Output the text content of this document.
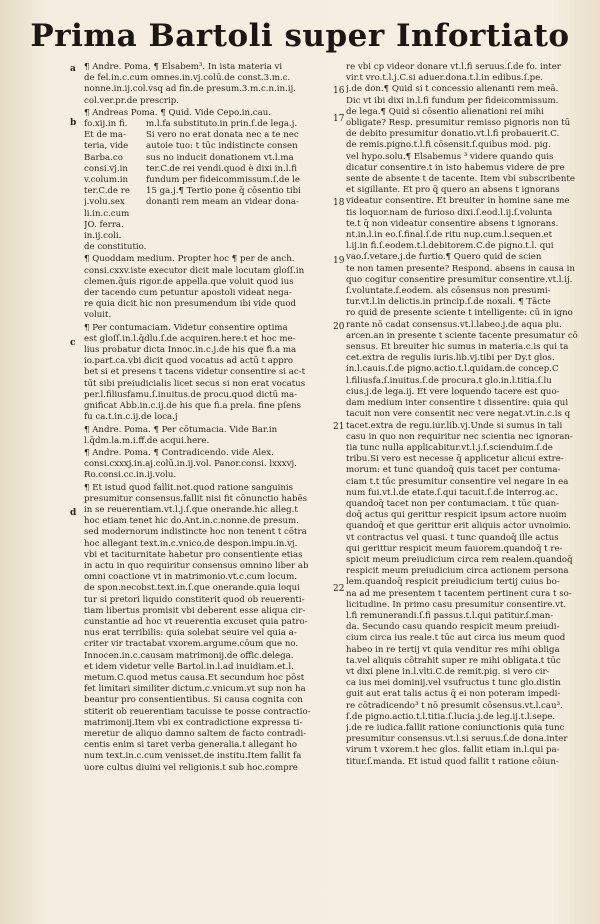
Prima Bartoli super Infortiato
a
b
c
d
16
17
18
19
20
21
22
¶ Andre. Poma. ¶ Elsabem³. In ista materia vi
de fel.in.c.cum omnes.in.vj.colū.de const.3.m.c.
nonne.in.ij.col.vsq ad fin.de presum.3.m.c.n.in.ij.
col.ver.pr.de prescrip.
¶ Andreas Poma. ¶ Quid. Vide Cepo.in.cau.
fo.xij.in fi.
Et de ma-
teria, vide
Barba.co
consi.vj.in
v.colum.in
ter.C.de re
j.volu.sex
li.in.c.cum
JO. ferra.
in.ij.coli.
m.l.fa substituto.in prin.ſ.de lega.j.
Si vero no erat donata nec a te nec
autoie tuo: t tūc indistincte consen
sus no inducit donationem vt.l.ma
ter.C.de rei vendi.quod è dixi in.l.fi
fundum per fideicommissum.ſ.de le
15 ga.j.¶ Tertio pone q̄ cōsentio tibi
donanti rem meam an videar dona-
de constitutio.
¶ Quoddam medium. Propter hoc ¶ per de anch.
consi.cxxv.iste executor dicit male locutam gloſſ.in
clemen.q̄uis rigor.de appella.que voluit quod ius
der tacendo cum petuntur apostoli videat nega-
re quia dicit hic non presumendum ibi vide quod
voluit.
¶ Per contumaciam. Videtur consentire optima
est gloſſ.in.l.q̄dlu.ſ.de acquiren.here.t et hoc me-
lius probatur dicta Innoc.in.c.j.de his que fi.a ma
io.part.ca.vbi dicit quod vocatus ad actū t appro
bet si et presens t tacens videtur consentire si ac-t
tūt sibi preiudicialis licet secus si non erat vocatus
per.l.filiusfamu.ſ.inuitus.de procu.quod dictū ma-
gnificat Abb.in.c.ij.de his que fi.a prela. fine pſens
fu ca.t.in.c.ij.de loca.j
¶ Andre. Poma. ¶ Per cōtumacia. Vide Bar.in
l.q̄dm.la.m.i.ff.de acqui.here.
¶ Andre. Poma. ¶ Contradicendo. vide Alex.
consi.cxxxj.in.aj.colū.in.ij.vol. Panor.consi. lxxxvj.
Ro.consi.cc.in.ij.volu.
¶ Et istud quod fallit.not.quod ratione sanguinis
presumitur consensus.fallit nisi fit cōnunctio habēs
in se reuerentiam.vt.l.j.ſ.que onerande.hic alleg.t
hoc etiam tenet hic do.Ant.in.c.nonne.de presum.
sed modernorum indistincte hoc non tenent t cōtra
hoc allegant text.in.c.vnico.de despon.impu.in.vj.
vbi et taciturnitate habetur pro consentiente etias
in actu in quo requiritur consensus omnino liber ab
omni coactione vt in matrimonio.vt.c.cum locum.
de spon.necobst.text.in.ſ.que onerande.quia loqui
tur si pretori liquido constiterit quod ob reuerenti-
tiam libertus promisit vbi deberent esse aliqua cir-
cunstantie ad hoc vt reuerentia excuset quia patro-
nus erat terribilis: quia solebat seuire vel quia a-
criter vir tractabat vxorem.argume.cōum que no.
Innocen.in.c.causam matrimonij.de offic.delega.
et idem videtur velle Bartol.in.l.ad inuidiam.et.l.
metum.C.quod metus causa.Et secundum hoc pōst
fet limitari similiter dictum.c.vnicum.vt sup non ha
beantur pro consentientibus. Si causa cognita con
stiterit ob reuerentiam tacuisse te posse contractio-
matrimonij.Item vbi ex contradictione expressa ti-
meretur de aliquo damno saltem de facto contradi-
centis enim si taret verba generalia.t allegant ho
num text.in.c.cum venisset.de institu.Item fallit fa
uore cultus diuini vel religionis.t sub hoc.compre
re vbi cp videor donare vt.l.fi seruus.ſ.de fo. inter
vir.t vro.t.l.j.C.si aduer.dona.t.l.in edibus.ſ.pe.
j.de don.¶ Quid si t concessio alienanti rem meā.
Dic vt ibi dixi in.l.fi fundum per fideicommissum.
de lega.¶ Quid si cōsentio alienationi rei mihi
obligate? Resp. presumitur remisso pignoris non tū
de debito presumitur donatio.vt.l.fi probauerit.C.
de remis.pigno.t.l.fi cōsensit.ſ.quibus mod. pig.
vel hypo.solu.¶ Elsabemus ³ videre quando quis
dicatur consentire.t in isto habemus videre de pre
sente de absente t de tacente. Item vbi subscribente
et sigillante. Et pro q̄ quero an absens t ignorans
videatur consentire. Et breuiter in homine sane me
tis loquor.nam de furioso dixi.ſ.eod.l.ij.ſ.volunta
te.t q̄ non videatur consentire absens t ignorans.
nt.in.l.in eo.ſ.final.ſ.de ritu nup.cum.l.sequen.et
l.ij.in fi.ſ.eodem.t.l.debitorem.C.de pigno.t.l. qui
vao.ſ.vetare.j.de furtio.¶ Quero quid de scien
te non tamen presente? Respond. absens in causa in
quo cogitur consentire presumitur consentire.vt.l.ij.
ſ.voluntate.ſ.eodem. als cōsensus non presumi-
tur.vt.l.in delictis.in princip.ſ.de noxali. ¶ Tācte
ro quid de presente sciente t intelligente: cū in igno
rante nō cadat consensus.vt.l.labeo.j.de aqua plu.
arcen.an in presente t sciente tacente presumatur cō
sensus. Et breuiter hic sumus in materia.c.is qui ta
cet.extra de regulis iuris.lib.vj.tibi per Dy.t glos.
in.l.cauis.ſ.de pigno.actio.t.l.quidam.de concep.C
l.filiusfa.ſ.inuitus.ſ.de procura.t glo.in.l.titia.ſ.lu
cius.j.de lega.ij. Et vere loquendo tacere est quo-
dam medium inter consentire t dissentire: quia qui
tacuit non vere consentit nec vere negat.vt.in.c.is q
tacet.extra de regu.iur.lib.vj.Unde si sumus in tali
casu in quo non requiritur nec scientia nec ignoran-
tia tunc nulla applicabitur.vt.l.j.ſ.scienduim.ſ.de
tribu.Si vero est necesse q̄ applicetur alicui extre-
morum: et tunc quandoq̄ quis tacet per contuma-
ciam t.t tūc presumitur consentire vel negare in ea
num fui.vt.l.de etate.ſ.qui tacuit.ſ.de interrog.ac.
quandoq̄ tacet non per contumaciam. t tūc quan-
doq̄ actus qui gerittur respicit ipsum actore nuoim
quandoq̄ et que gerittur erit aliquis actor uvnoimio.
vt contractus vel quasi. t tunc quandoq̄ ille actus
qui gerittur respicit meum fauorem.quandoq̄ t re-
spicit meum preiudicium circa rem realem.quandoq̄
respicit meum preiudicium circa actionem persona
lem.quandoq̄ respicit preiudicium tertij cuius bo-
na ad me presentem t tacentem pertinent cura t so-
licitudine. In primo casu presumitur consentire.vt.
l.fi remunerandi.ſ.fi passus.t.l.qui patitur.ſ.man-
da. Secundo casu quando respicit meum preiudi-
cium circa ius reale.t tūc aut circa ius meum quod
habeo in re tertij vt quia venditur res mihi obliga
ta.vel aliquis cōtrahit super re mihi obligata.t tūc
vt dixi plene in.l.vlti.C.de remit.pig. si vero cir-
ca ius mei dominij.vel vsufructus t tunc glo.distin
guit aut erat talis actus q̄ ei non poteram impedi-
re cōtradicendo³ t nō presumit cōsensus.vt.l.cau³.
ſ.de pigno.actio.t.l.titia.ſ.lucia.j.de leg.ij.t.l.sepe.
j.de re iudica.fallit ratione coniunctionis quia tunc
presumitur consensus.vt.l.si seruus.ſ.de dona.inter
virum t vxorem.t hec glos. fallit etiam in.l.qui pa-
titur.ſ.manda. Et istud quod fallit t ratione cōiun-
